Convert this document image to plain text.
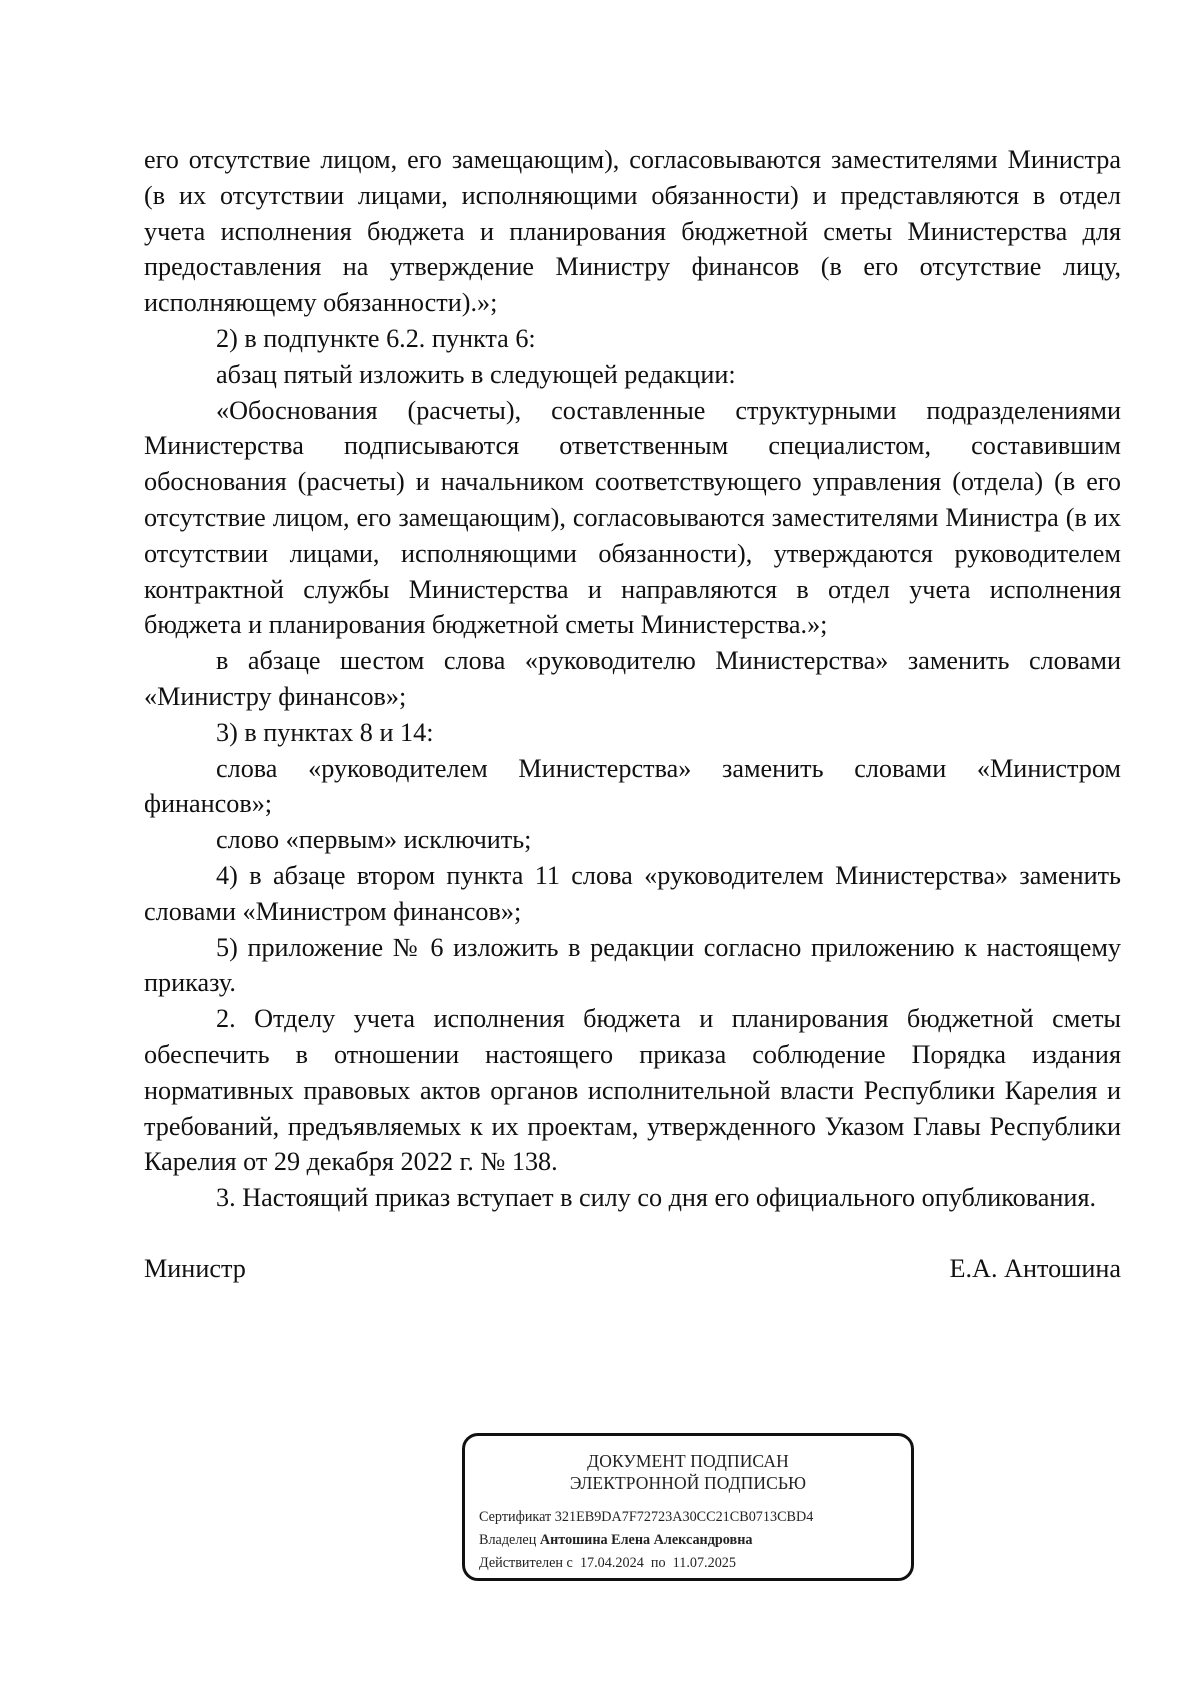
его отсутствие лицом, его замещающим), согласовываются заместителями Министра (в их отсутствии лицами, исполняющими обязанности) и представляются в отдел учета исполнения бюджета и планирования бюджетной сметы Министерства для предоставления на утверждение Министру финансов (в его отсутствие лицу, исполняющему обязанности).»;

2) в подпункте 6.2. пункта 6:

абзац пятый изложить в следующей редакции:

«Обоснования (расчеты), составленные структурными подразделениями Министерства подписываются ответственным специалистом, составившим обоснования (расчеты) и начальником соответствующего управления (отдела) (в его отсутствие лицом, его замещающим), согласовываются заместителями Министра (в их отсутствии лицами, исполняющими обязанности), утверждаются руководителем контрактной службы Министерства и направляются в отдел учета исполнения бюджета и планирования бюджетной сметы Министерства.»;

в абзаце шестом слова «руководителю Министерства» заменить словами «Министру финансов»;

3) в пунктах 8 и 14:

слова «руководителем Министерства» заменить словами «Министром финансов»;

слово «первым» исключить;

4) в абзаце втором пункта 11 слова «руководителем Министерства» заменить словами «Министром финансов»;

5) приложение № 6 изложить в редакции согласно приложению к настоящему приказу.

2. Отделу учета исполнения бюджета и планирования бюджетной сметы обеспечить в отношении настоящего приказа соблюдение Порядка издания нормативных правовых актов органов исполнительной власти Республики Карелия и требований, предъявляемых к их проектам, утвержденного Указом Главы Республики Карелия от 29 декабря 2022 г. № 138.

3. Настоящий приказ вступает в силу со дня его официального опубликования.

Министр	Е.А. Антошина
ДОКУМЕНТ ПОДПИСАН
ЭЛЕКТРОННОЙ ПОДПИСЬЮ
Сертификат 321EB9DA7F72723A30CC21CB0713CBD4
Владелец Антошина Елена Александровна
Действителен с 17.04.2024 по 11.07.2025
